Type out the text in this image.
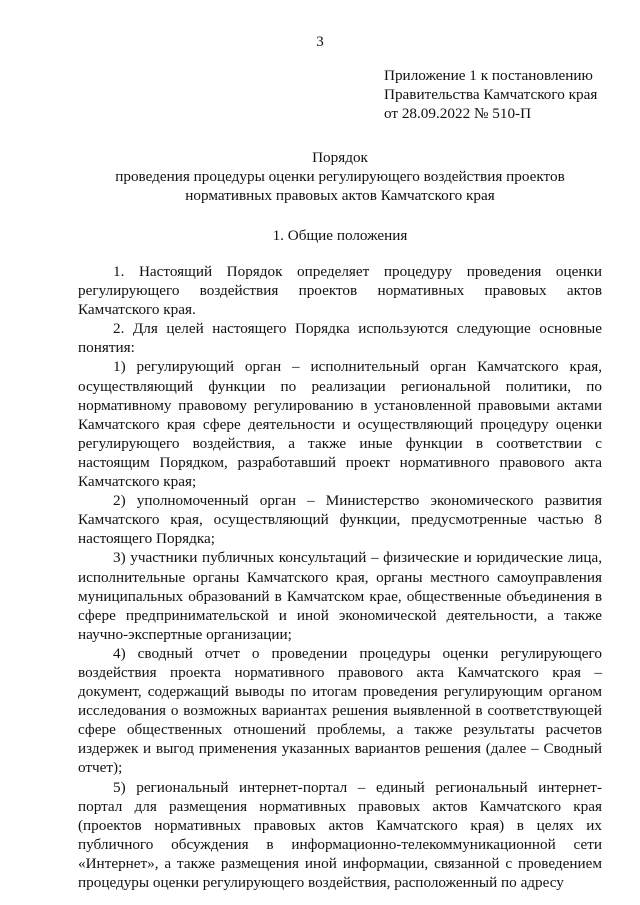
3
Приложение 1 к постановлению
Правительства Камчатского края
от 28.09.2022 № 510-П
Порядок
проведения процедуры оценки регулирующего воздействия проектов
нормативных правовых актов Камчатского края
1. Общие положения

1. Настоящий Порядок определяет процедуру проведения оценки регулирующего воздействия проектов нормативных правовых актов Камчатского края.

2. Для целей настоящего Порядка используются следующие основные понятия:

1) регулирующий орган – исполнительный орган Камчатского края, осуществляющий функции по реализации региональной политики, по нормативному правовому регулированию в установленной правовыми актами Камчатского края сфере деятельности и осуществляющий процедуру оценки регулирующего воздействия, а также иные функции в соответствии с настоящим Порядком, разработавший проект нормативного правового акта Камчатского края;

2) уполномоченный орган – Министерство экономического развития Камчатского края, осуществляющий функции, предусмотренные частью 8 настоящего Порядка;

3) участники публичных консультаций – физические и юридические лица, исполнительные органы Камчатского края, органы местного самоуправления муниципальных образований в Камчатском крае, общественные объединения в сфере предпринимательской и иной экономической деятельности, а также научно-экспертные организации;

4) сводный отчет о проведении процедуры оценки регулирующего воздействия проекта нормативного правового акта Камчатского края – документ, содержащий выводы по итогам проведения регулирующим органом исследования о возможных вариантах решения выявленной в соответствующей сфере общественных отношений проблемы, а также результаты расчетов издержек и выгод применения указанных вариантов решения (далее – Сводный отчет);

5) региональный интернет-портал – единый региональный интернет-портал для размещения нормативных правовых актов Камчатского края (проектов нормативных правовых актов Камчатского края) в целях их публичного обсуждения в информационно-телекоммуникационной сети «Интернет», а также размещения иной информации, связанной с проведением процедуры оценки регулирующего воздействия, расположенный по адресу
